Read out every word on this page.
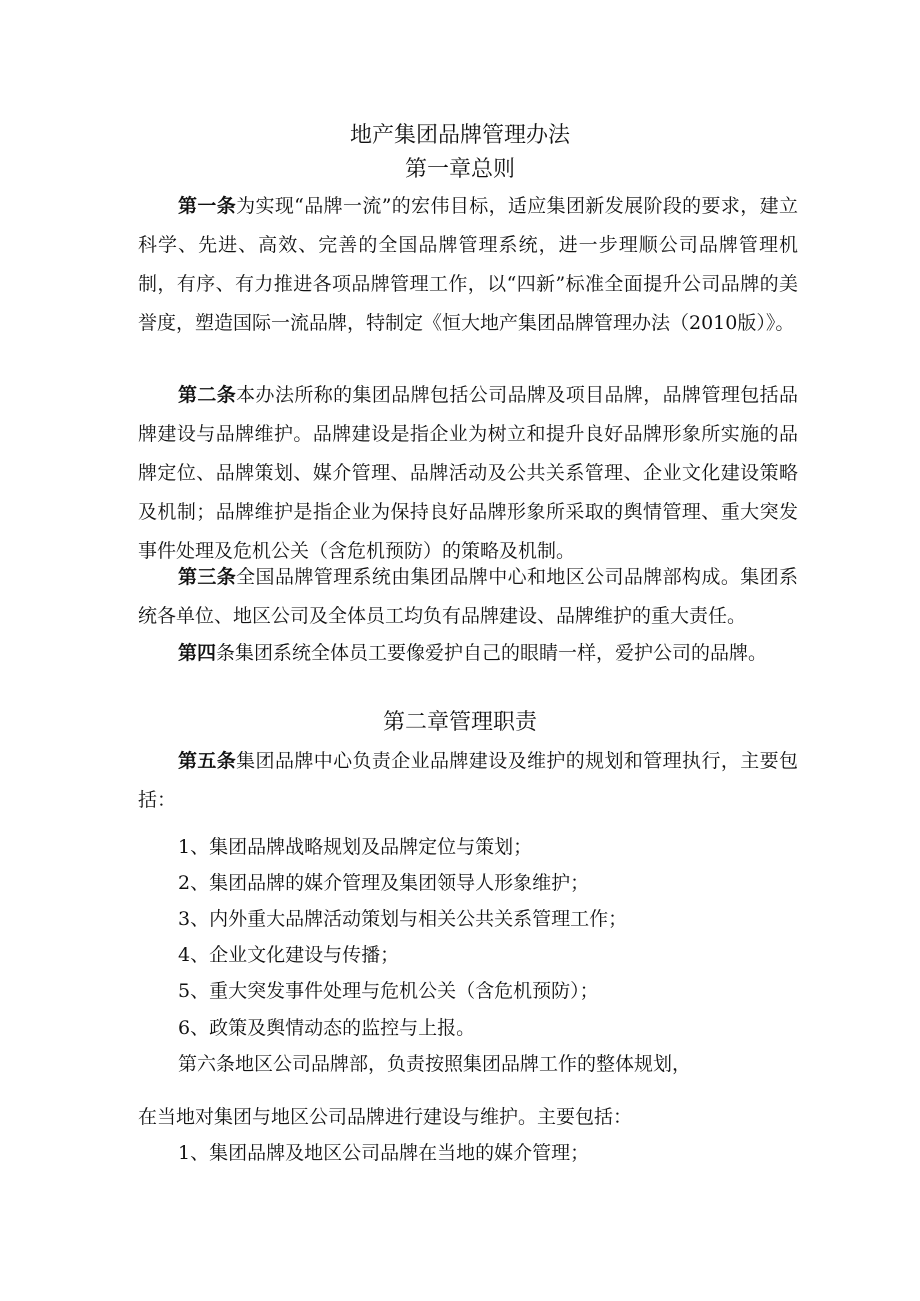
地产集团品牌管理办法
第一章总则

第一条为实现“品牌一流”的宏伟目标，适应集团新发展阶段的要求，建立科学、先进、高效、完善的全国品牌管理系统，进一步理顺公司品牌管理机制，有序、有力推进各项品牌管理工作，以“四新”标准全面提升公司品牌的美誉度，塑造国际一流品牌，特制定《恒大地产集团品牌管理办法（2010版）》。

第二条本办法所称的集团品牌包括公司品牌及项目品牌，品牌管理包括品牌建设与品牌维护。品牌建设是指企业为树立和提升良好品牌形象所实施的品牌定位、品牌策划、媒介管理、品牌活动及公共关系管理、企业文化建设策略及机制；品牌维护是指企业为保持良好品牌形象所采取的舆情管理、重大突发事件处理及危机公关（含危机预防）的策略及机制。

第三条全国品牌管理系统由集团品牌中心和地区公司品牌部构成。集团系统各单位、地区公司及全体员工均负有品牌建设、品牌维护的重大责任。

第四条集团系统全体员工要像爱护自己的眼睛一样，爱护公司的品牌。

第二章管理职责

第五条集团品牌中心负责企业品牌建设及维护的规划和管理执行，主要包括：

1、集团品牌战略规划及品牌定位与策划；

2、集团品牌的媒介管理及集团领导人形象维护；

3、内外重大品牌活动策划与相关公共关系管理工作；

4、企业文化建设与传播；

5、重大突发事件处理与危机公关（含危机预防）；

6、政策及舆情动态的监控与上报。

第六条地区公司品牌部，负责按照集团品牌工作的整体规划，

在当地对集团与地区公司品牌进行建设与维护。主要包括：

1、集团品牌及地区公司品牌在当地的媒介管理；
